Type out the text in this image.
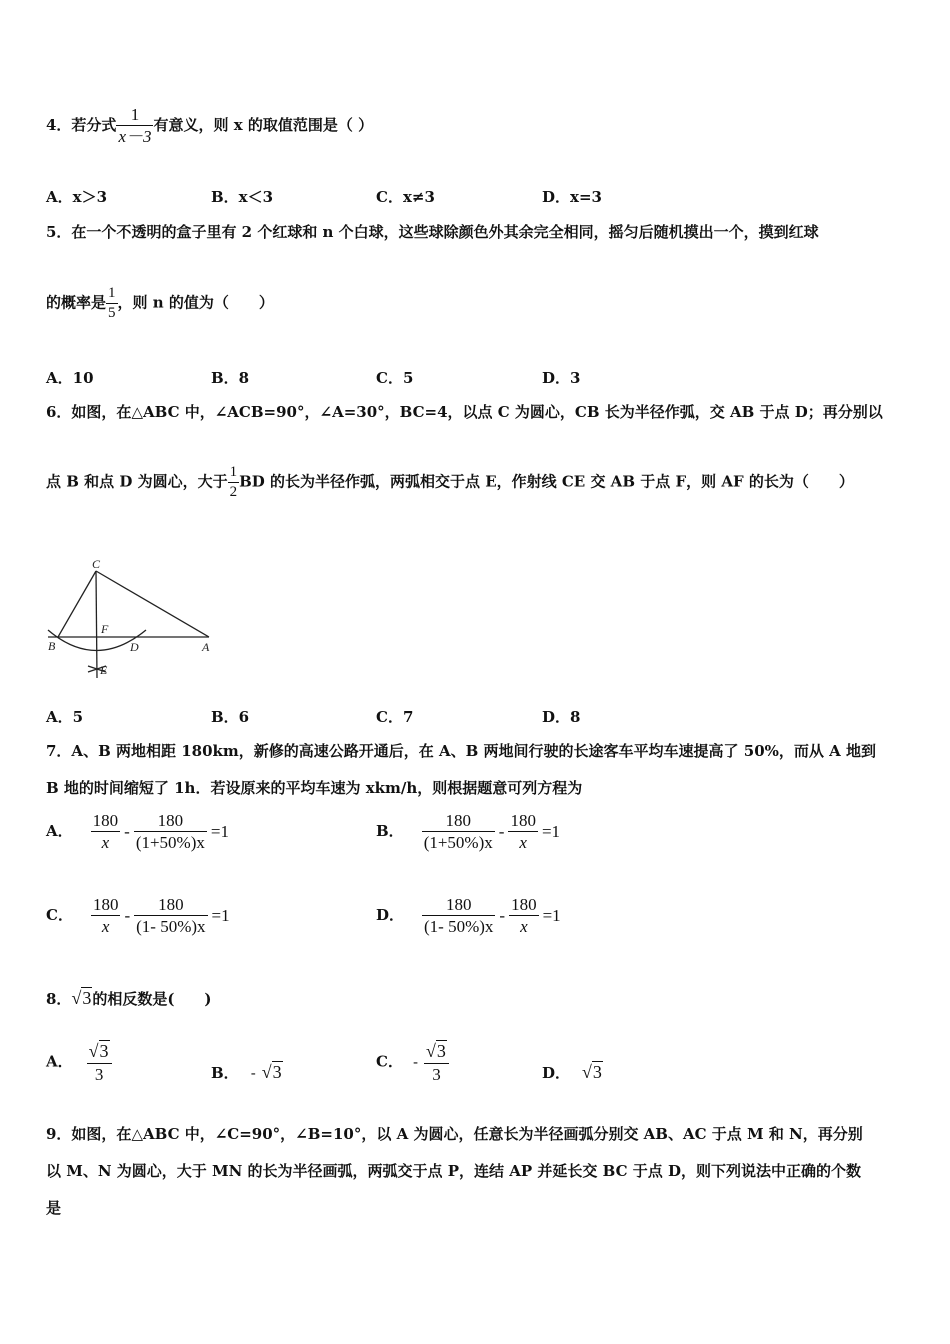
4．若分式 $\frac{1}{x-3}$ 有意义，则 x 的取值范围是（ ）
A．x＞3	B．x＜3	C．x≠3	D．x=3
5．在一个不透明的盒子里有 2 个红球和 n 个白球，这些球除颜色外其余完全相同，摇匀后随机摸出一个，摸到红球
的概率是 $\frac{1}{5}$ ，则 n 的值为（　　）
A．10	B．8	C．5	D．3
6．如图，在△ABC 中，∠ACB=90°，∠A=30°，BC=4，以点 C 为圆心，CB 长为半径作弧，交 AB 于点 D；再分别以
点 B 和点 D 为圆心，大于 $\frac{1}{2}$ BD 的长为半径作弧，两弧相交于点 E，作射线 CE 交 AB 于点 F，则 AF 的长为（　　）
C
B
F
D	A
E
A．5	B．6	C．7	D．8
7．A、B 两地相距 180km，新修的高速公路开通后，在 A、B 两地间行驶的长途客车平均车速提高了 50%，而从 A 地到
B 地的时间缩短了 1h．若设原来的平均车速为 xkm/h，则根据题意可列方程为
A． $\frac{180}{x} - \frac{180}{(1+50\%)x} =1$	B． $\frac{180}{(1+50\%)x} - \frac{180}{x} =1$
C． $\frac{180}{x} - \frac{180}{(1- 50\%)x} =1$	D． $\frac{180}{(1- 50\%)x} - \frac{180}{x} =1$
8．√3的相反数是(　　)
A． $\frac{√3}{3}$	B． - √3
C． - $\frac{√3}{3}$	D． √3
9．如图，在△ABC 中，∠C=90°，∠B=10°，以 A 为圆心，任意长为半径画弧分别交 AB、AC 于点 M 和 N，再分别
以 M、N 为圆心，大于 MN 的长为半径画弧，两弧交于点 P，连结 AP 并延长交 BC 于点 D，则下列说法中正确的个数
是
